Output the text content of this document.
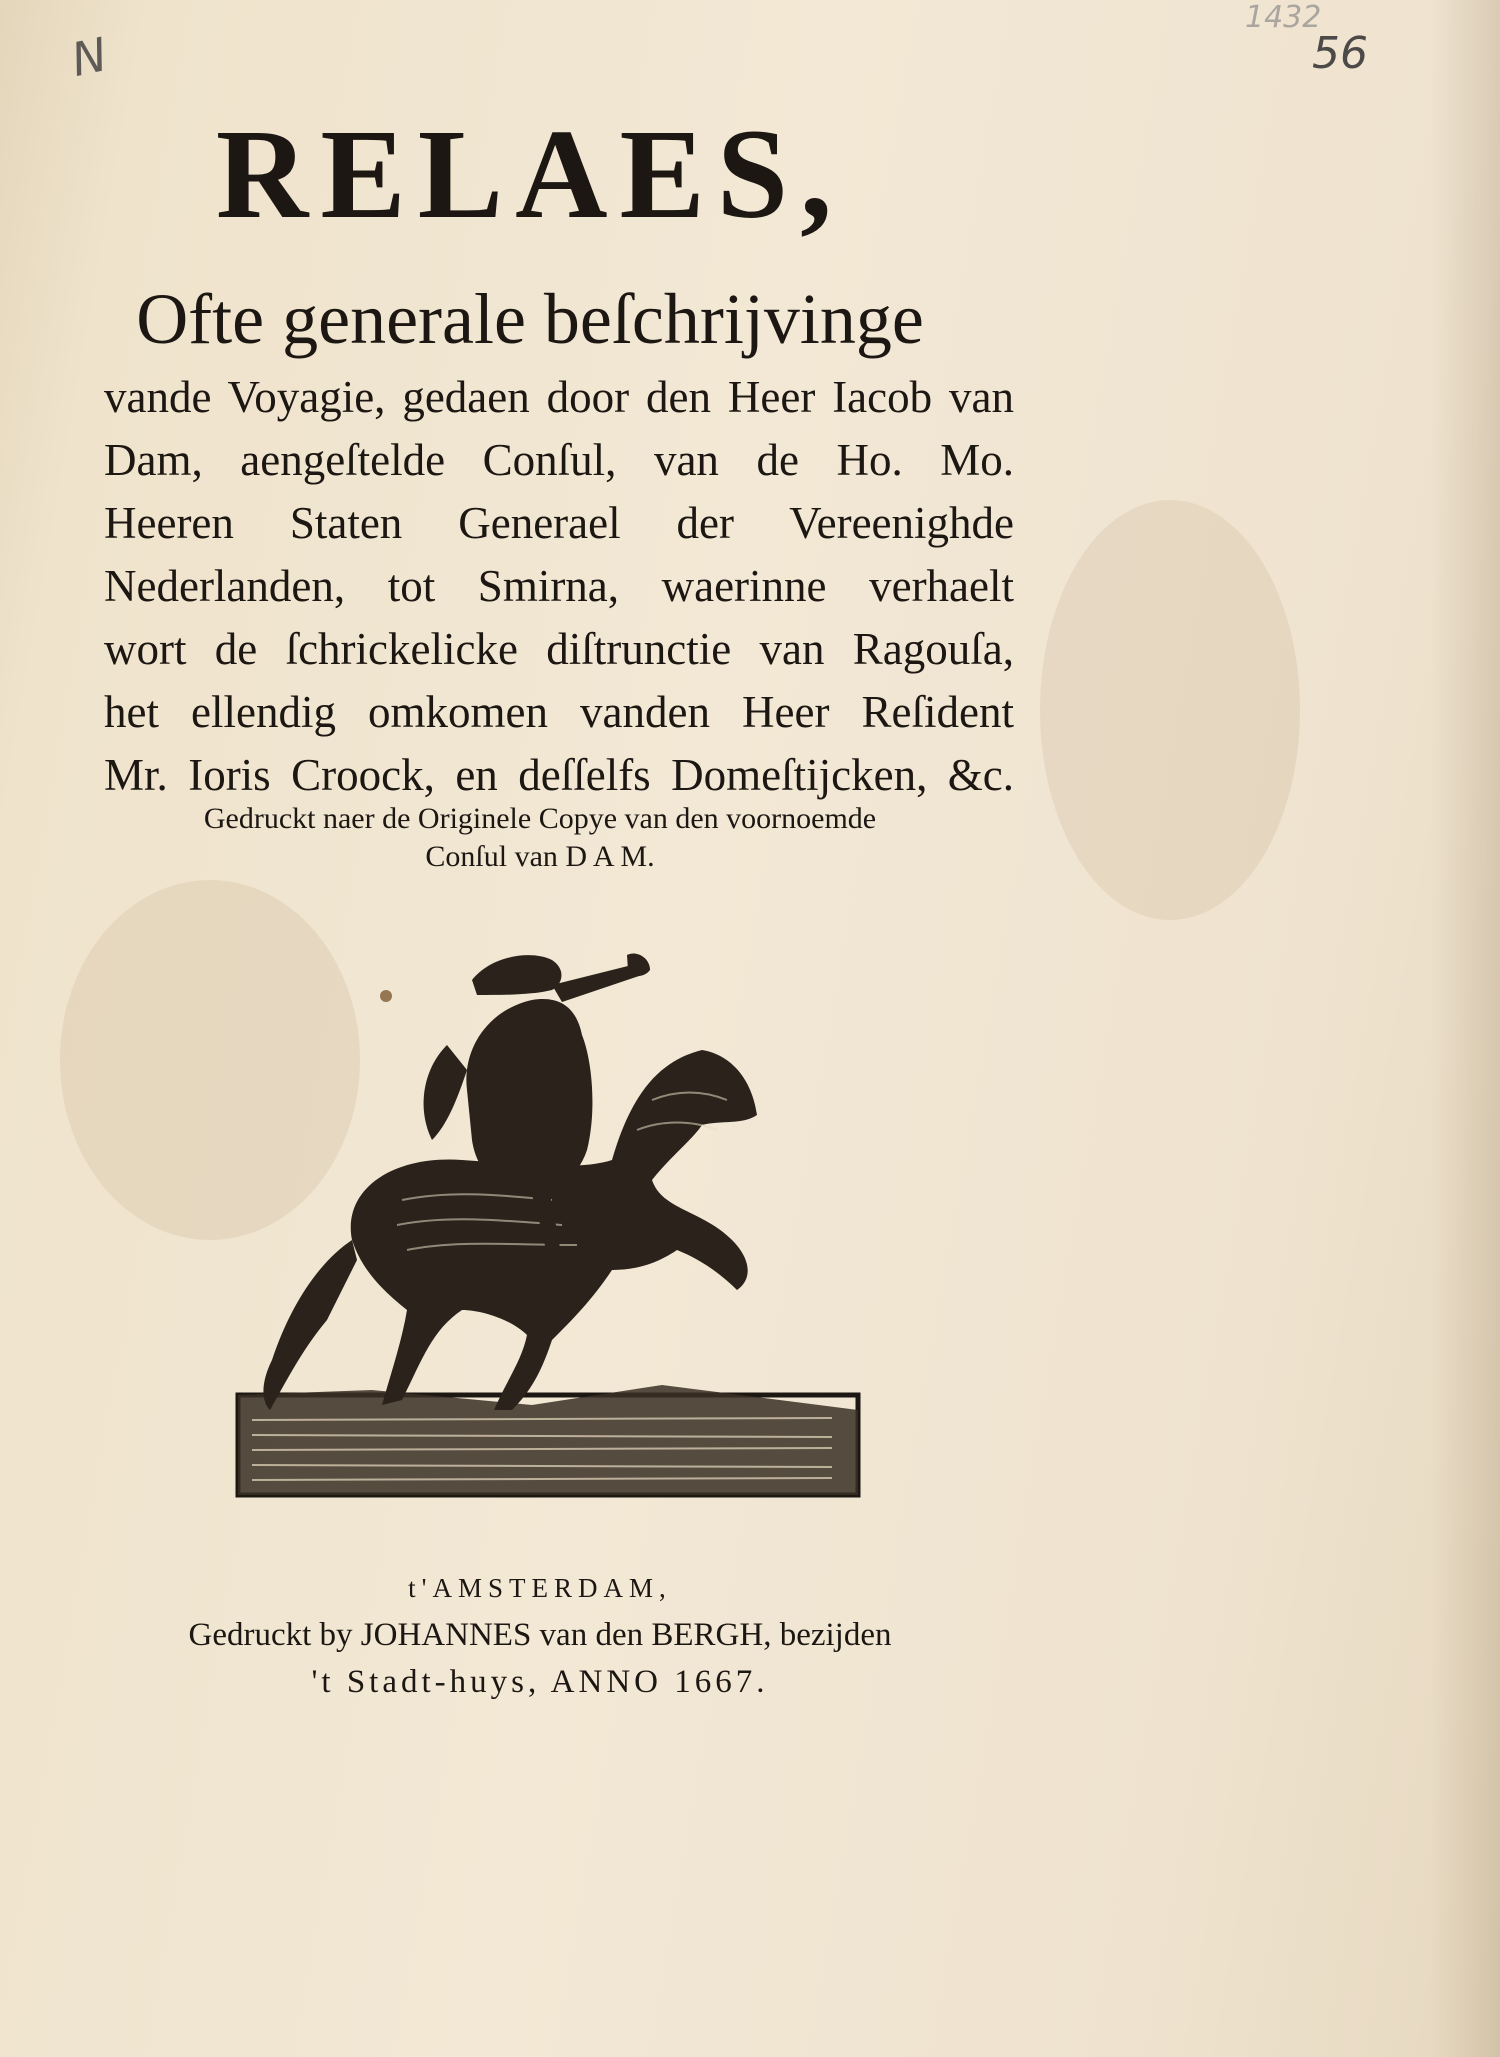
N
1432
56
RELAES,
Ofte generale beſchrijvinge
vande Voyagie, gedaen door den Heer Iacob van
Dam, aengeſtelde Conſul, van de Ho. Mo.
Heeren Staten Generael der Vereenighde
Nederlanden, tot Smirna, waerinne verhaelt
wort de ſchrickelicke diſtrunctie van Ragouſa,
het ellendig omkomen vanden Heer Reſident
Mr. Ioris Croock, en deſſelfs Domeſtijcken, &c.
Gedruckt naer de Originele Copye van den voornoemde
Conſul van D A M.
t'AMSTERDAM,
Gedruckt by JOHANNES van den BERGH, bezijden
't Stadt-huys, ANNO 1667.
